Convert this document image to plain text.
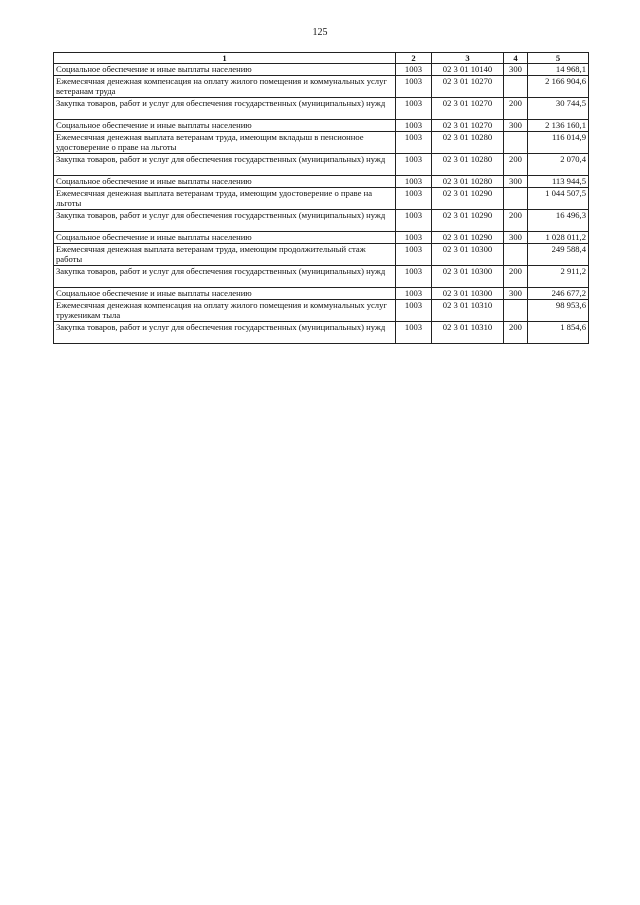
125
1	2	3	4	5
Социальное обеспечение и иные выплаты населению	1003	02 3 01 10140	300	14 968,1
Ежемесячная денежная компенсация на оплату жилого помещения и коммунальных услуг ветеранам труда	1003	02 3 01 10270		2 166 904,6
Закупка товаров, работ и услуг для обеспечения государственных (муниципальных) нужд	1003	02 3 01 10270	200	30 744,5
Социальное обеспечение и иные выплаты населению	1003	02 3 01 10270	300	2 136 160,1
Ежемесячная денежная выплата ветеранам труда, имеющим вкладыш в пенсионное удостоверение о праве на льготы	1003	02 3 01 10280		116 014,9
Закупка товаров, работ и услуг для обеспечения государственных (муниципальных) нужд	1003	02 3 01 10280	200	2 070,4
Социальное обеспечение и иные выплаты населению	1003	02 3 01 10280	300	113 944,5
Ежемесячная денежная выплата ветеранам труда, имеющим удостоверение о праве на льготы	1003	02 3 01 10290		1 044 507,5
Закупка товаров, работ и услуг для обеспечения государственных (муниципальных) нужд	1003	02 3 01 10290	200	16 496,3
Социальное обеспечение и иные выплаты населению	1003	02 3 01 10290	300	1 028 011,2
Ежемесячная денежная выплата ветеранам труда, имеющим продолжительный стаж работы	1003	02 3 01 10300		249 588,4
Закупка товаров, работ и услуг для обеспечения государственных (муниципальных) нужд	1003	02 3 01 10300	200	2 911,2
Социальное обеспечение и иные выплаты населению	1003	02 3 01 10300	300	246 677,2
Ежемесячная денежная компенсация на оплату жилого помещения и коммунальных услуг труженикам тыла	1003	02 3 01 10310		98 953,6
Закупка товаров, работ и услуг для обеспечения государственных (муниципальных) нужд	1003	02 3 01 10310	200	1 854,6
